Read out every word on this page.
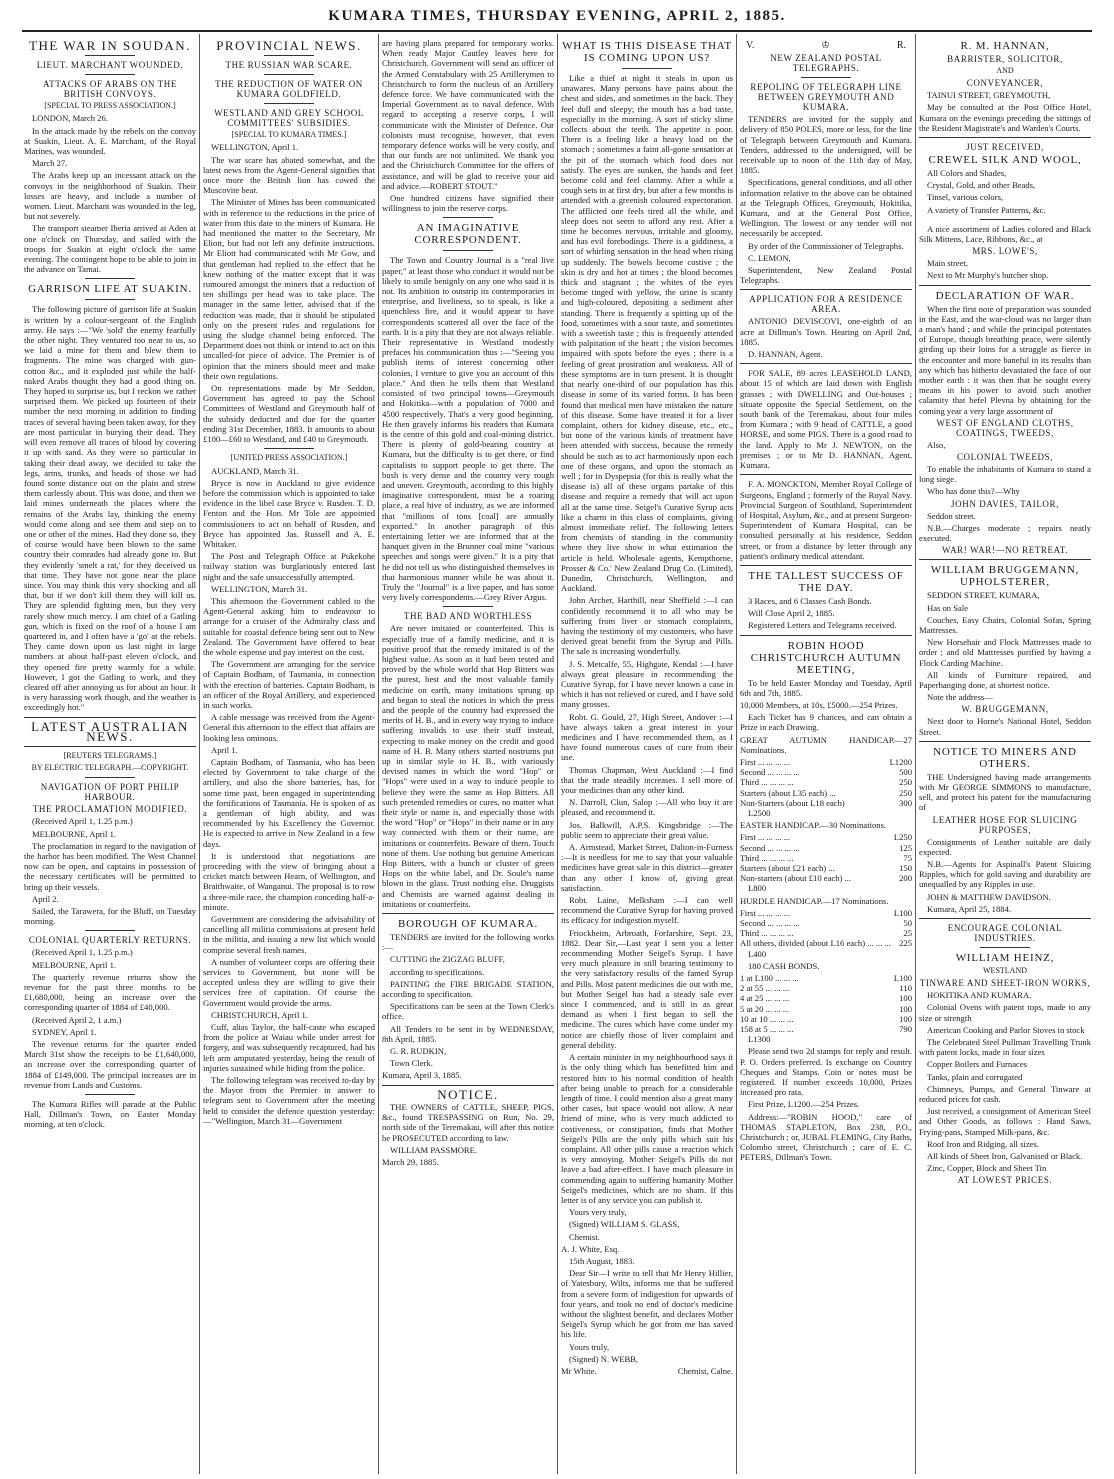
KUMARA TIMES, THURSDAY EVENING, APRIL 2, 1885.
THE WAR IN SOUDAN.
LIEUT. MARCHANT WOUNDED.
ATTACKS OF ARABS ON THE BRITISH CONVOYS.
[SPECIAL TO PRESS ASSOCIATION.]

LONDON, March 26.

In the attack made by the rebels on the convoy at Suakin, Lieut. A. E. Marchant, of the Royal Marines, was wounded.

March 27.

The Arabs keep up an incessant attack on the convoys in the neighborhood of Suakin. Their losses are heavy, and include a number of women. Lieut. Marchant was wounded in the leg, but not severely.

The transport steamer Iberia arrived at Aden at one o'clock on Thursday, and sailed with the troops for Suakin at eight o'clock the same evening. The contingent hope to be able to join in the advance on Tamai.

GARRISON LIFE AT SUAKIN.

The following picture of garrison life at Suakin is written by a colour-sergeant of the English army. He says :—"We 'sold' the enemy fearfully the other night. They ventured too near to us, so we laid a mine for them and blew them to fragments. The mine was charged with gun-cotton &c., and it exploded just while the half-naked Arabs thought they had a good thing on. They hoped to surprise us, but I reckon we rather surprised them. We picked up fourteen of their number the next morning in addition to finding traces of several having been taken away, for they are most particular in burying their dead. They will even remove all traces of blood by covering it up with sand. As they were so particular in taking their dead away, we decided to take the legs, arms, trunks, and heads of those we had found some distance out on the plain and strew them carlessly about. This was done, and then we laid mines underneath the places where the remains of the Arabs lay, thinking the enemy would come along and see them and step on to one or other of the mines. Had they done so, they of course would have been blown to the same country their comrades had already gone to. But they evidently 'smelt a rat,' for they deceived us that time. They have not gone near the place since. You may think this very shocking and all that, but if we don't kill them they will kill us. They are splendid fighting men, but they very rarely show much mercy. I am chief of a Gatling gun, which is fixed on the roof of a house I am quartered in, and I often have a 'go' at the rebels. They came down upon us last night in large numbers at about half-past eleven o'clock, and they opened fire pretty warmly for a while. However, I got the Gatling to work, and they cleared off after annoying us for about an hour. It is very harassing work though, and the weather is exceedingly hot."

LATEST AUSTRALIAN NEWS.
[REUTERS TELEGRAMS.]
BY ELECTRIC TELEGRAPH.—COPYRIGHT.
NAVIGATION OF PORT PHILIP HARBOUR.
THE PROCLAMATION MODIFIED.

(Received April 1, 1.25 p.m.)

MELBOURNE, April 1.

The proclamation in regard to the navigation of the harbor has been modified. The West Channel now can be open, and captains in possession of the necessary certificates will be permitted to bring up their vessels.

April 2.

Sailed, the Tarawera, for the Bluff, on Tuesday morning.

COLONIAL QUARTERLY RETURNS.

(Received April 1, 1.25 p.m.)

MELBOURNE, April 1.

The quarterly revenue returns show the revenue for the past three months to be £1,680,000, being an increase over the corresponding quarter of 1884 of £40,000.

(Received April 2, 1 a.m.)

SYDNEY, April 1.

The revenue returns for the quarter ended March 31st show the receipts to be £1,640,000, an increase over the corresponding quarter of 1884 of £149,000. The principal increases are in revenue from Lands and Customs.

The Kumara Rifles will parade at the Public Hall, Dillman's Town, on Easter Monday morning, at ten o'clock.

PROVINCIAL NEWS.
THE RUSSIAN WAR SCARE.
THE REDUCTION OF WATER ON KUMARA GOLDFIELD.
WESTLAND AND GREY SCHOOL COMMITTEES' SUBSIDIES.
[SPECIAL TO KUMARA TIMES.]

WELLINGTON, April 1.

The war scare has abated somewhat, and the latest news from the Agent-General signifies that once more the British lion has cowed the Muscovite bear.

The Minister of Mines has been communicated with in reference to the reductions in the price of water from this date to the miners of Kumara. He had mentioned the matter to the Secretary, Mr Eliott, but had not left any definite instructions. Mr Eliott had communicated with Mr Gow, and that gentleman had replied to the effect that he knew nothing of the matter except that it was rumoured amongst the miners that a reduction of ten shillings per head was to take place. The manager in the same letter, advised that if the reduction was made, that it should be stipulated only on the present rules and regulations for using the sludge channel being enforced. The Department does not think or intend to act on this uncalled-for piece of advice. The Premier is of opinion that the miners should meet and make their own regulations.

On representations made by Mr Seddon, Government has agreed to pay the School Committees of Westland and Greymouth half of the subsidy deducted and due for the quarter ending 31st December, 1883. It amounts to about £100—£60 to Westland, and £40 to Greymouth.

[UNITED PRESS ASSOCIATION.]

AUCKLAND, March 31.

Bryce is now in Auckland to give evidence before the commission which is appointed to take evidence in the libel case Bryce v. Rusden. T. D. Fenton and the Hon. Mr Tole are appointed commissioners to act on behalf of Rusden, and Bryce has appointed Jas. Russell and A. E. Whitaker.

The Post and Telegraph Office at Pukekohe railway station was burglariously entered last night and the safe unsuccessfully attempted.

WELLINGTON, March 31.

This afternoon the Government cabled to the Agent-General asking him to endeavour to arrange for a cruiser of the Admiralty class and suitable for coastal defence being sent out to New Zealand. The Government have offered to bear the whole expense and pay interest on the cost.

The Government are arranging for the service of Captain Bodham, of Tasmania, in connection with the erection of batteries. Captain Bodham, is an officer of the Royal Artillery, and experienced in such works.

A cable message was received from the Agent-General this afternoon to the effect that affairs are looking less ominous.

April 1.

Captain Bodham, of Tasmania, who has been elected by Government to take charge of the artillery, and also the shore batteries, has, for some time past, been engaged in superintending the fortifications of Tasmania. He is spoken of as a gentleman of high ability, and was recommended by his Excellency the Governor. He is expected to arrive in New Zealand in a few days.

It is understood that negotiations are proceeding with the view of bringing about a cricket match between Hearn, of Wellington, and Braithwaite, of Wanganui. The proposal is to row a three-mile race, the champion conceding half-a-minute.

Government are considering the advisability of cancelling all militia commissions at present held in the militia, and issuing a new list which would comprise several fresh names.

A number of volunteer corps are offering their services to Government, but none will be accepted unless they are willing to give their services free of capitation. Of course the Government would provide the arms.

CHRISTCHURCH, April 1.

Cuff, alias Taylor, the half-caste who escaped from the police at Waiau while under arrest for forgery, and was subsequently recaptured, had his left arm amputated yesterday, being the result of injuries sustained while hiding from the police.

The following telegram was received to-day by the Mayor from the Premier in answer to telegram sent to Government after the meeting held to consider the defence question yesterday:—"Wellington, March 31—Government

are having plans prepared for temporary works. When ready Major Cautley leaves here for Christchurch. Government will send an officer of the Armed Constabulary with 25 Artillerymen to Christchurch to form the nucleus of an Artillery defence force. We have communicated with the Imperial Government as to naval defence. With regard to accepting a reserve corps, I will communicate with the Minister of Defence. Our colonists must recognise, however, that even temporary defence works will be very costly, and that our funds are not unlimited. We thank you and the Christchurch Committee for the offers of assistance, and will be glad to receive your aid and advice.—ROBERT STOUT."

One hundred citizens have signified their willingness to join the reserve corps.

AN IMAGINATIVE CORRESPONDENT.

The Town and Country Journal is a "real live paper," at least those who conduct it would not be likely to smile benignly on any one who said it is not. Its ambition to outstrip its contemporaries in enterprise, and liveliness, so to speak, is like a quenchless fire, and it would appear to have correspondents scattered all over the face of the earth. It is a pity that they are not always reliable. Their representative in Westland modestly prefaces his communication thus :—"Seeing you publish items of interest concerning other colonies, I venture to give you an account of this place." And then he tells them that Westland consisted of two principal towns—Greymouth and Hokitika—with a population of 7000 and 4500 respectively. That's a very good beginning. He then gravely informs his readers that Kumara is the centre of this gold and coal-mining district. There is plenty of gold-bearing country at Kumara, but the difficulty is to get there, or find capitalists to support people to get there. The bush is very dense and the country very rough and uneven. Greymouth, according to this highly imaginative correspondent, must be a roaring place, a real hive of industry, as we are informed that "millions of tons [coal] are annually exported." In another paragraph of this entertaining letter we are informed that at the banquet given in the Brunner coal mine "various speeches and songs were given." It is a pity that he did not tell us who distinguished themselves in that harmonious manner while he was about it. Truly the "Journal" is a live paper, and has some very lively correspondents.—Grey River Argus.

THE BAD AND WORTHLESS

Are never imitated or counterfeited. This is especially true of a family medicine, and it is positive proof that the remedy imitated is of the highest value. As soon as it had been tested and proved by the whole world that Hop Bitters was the purest, best and the most valuable family medicine on earth, many imitations sprung up and began to steal the notices in which the press and the people of the country had expressed the merits of H. B., and in every way trying to induce suffering invalids to use their stuff instead, expecting to make money on the credit and good name of H. B. Many others started nostrums put up in similar style to H. B., with variously devised names in which the word "Hop" or "Hops" were used in a way to induce people to believe they were the same as Hop Bitters. All such pretended remedies or cures, no matter what their style or name is, and especially those with the word "Hop" or "Hops" in their name or in any way connected with them or their name, are imitations or counterfeits. Beware of them. Touch none of them. Use nothing but genuine American Hop Bitters, with a bunch or cluster of green Hops on the white label, and Dr. Soule's name blown in the glass. Trust nothing else. Druggists and Chemists are warned against dealing in imitations or counterfeits.

BOROUGH OF KUMARA.

TENDERS are invited for the following works :—

CUTTING the ZIGZAG BLUFF,

according to specifications.

PAINTING the FIRE BRIGADE STATION, according to specification.

Specifications can be seen at the Town Clerk's office.

All Tenders to be sent in by WEDNESDAY, 8th April, 1885.

G. R. RUDKIN,

Town Clerk.

Kumara, April 3, 1885.

NOTICE.

THE OWNERS of CATTLE, SHEEP, PIGS, &c., found TRESPASSING on Run, No. 29, north side of the Teremakau, will after this notice be PROSECUTED according to law.

WILLIAM PASSMORE.

March 29, 1885.

WHAT IS THIS DISEASE THAT IS COMING UPON US?

Like a thief at night it steals in upon us unawares. Many persons have pains about the chest and sides, and sometimes in the back. They feel dull and sleepy; the mouth has a bad taste, especially in the morning. A sort of sticky slime collects about the teeth. The appetite is poor. There is a feeling like a heavy load on the stomach ; sometimes a faint all-gone sensation at the pit of the stomach which food does not satisfy. The eyes are sunken, the hands and feet become cold and feel clammy. After a while a cough sets in at first dry, but after a few months is attended with a greenish coloured expectoration. The afflicted one feels tired all the while, and sleep does not seem to afford any rest. After a time he becomes nervous, irritable and gloomy, and has evil forebodings. There is a giddiness, a sort of whirling sensation in the head when rising up suddenly. The bowels become costive ; the skin is dry and hot at times ; the blood becomes thick and stagnant ; the whites of the eyes become tinged with yellow, the urine is scanty and high-coloured, depositing a sediment after standing. There is frequently a spitting up of the food, sometimes with a sour taste, and sometimes with a sweetish taste ; this is frequently attended with palpitation of the heart ; the vision becomes impaired with spots before the eyes ; there is a feeling of great prostration and weakness. All of these symptoms are in turn present. It is thought that nearly one-third of our population has this disease in some of its varied forms. It has been found that medical men have mistaken the nature of this disease. Some have treated it for a liver complaint, others for kidney disease, etc., etc., but none of the various kinds of treatment have been attended with success, because the remedy should be such as to act harmoniously upon each one of these organs, and upon the stomach as well ; for in Dyspepsia (for this is really what the disease is) all of these organs partake of this disease and require a remedy that will act upon all at the same time. Seigel's Curative Syrup acts like a charm in this class of complaints, giving almost immediate relief. The following letters from chemists of standing in the community where they live show in what estimation the article is held. Wholesale agents, Kempthorne, Prosser & Co.' New Zealand Drug Co. (Limited), Dunedin, Christchurch, Wellington, and Auckland.

John Archer, Harthill, near Sheffield :—I can confidently recommend it to all who may be suffering from liver or stomach complaints, having the testimony of my customers, who have derived great benefit from the Syrup and Pills. The sale is increasing wonderfully.

J. S. Metcalfe, 55, Highgate, Kendal :—I have always great pleasure in recommending the Curative Syrup, for I have never known a case in which it has not relieved or cured, and I have sold many grosses.

Robt. G. Gould, 27, High Street, Andover :—I have always taken a great interest in your medicines and I have recommended them, as I have found numerous cases of cure from their use.

Thomas Chapman, West Auckland :—I find that the trade steadily increases. I sell more of your medicines than any other kind.

N. Darroll, Clun, Salop :—All who buy it are pleased, and recommend it.

Jos. Balkwill, A.P.S. Kingsbridge :—The public seem to appreciate their great value.

A. Armstead, Market Street, Dalton-in-Furness :—It is needless for me to say that your valuable medicines have great sale in this district—greater than any other I know of, giving great satisfaction.

Robt. Laine, Melksham :—I can well recommend the Curative Syrup for having proved its efficacy for indigestion myself.

Friockheim, Arbroath, Forfarshire, Sept. 23, 1882. Dear Sir,—Last year I sent you a letter recommending Mother Seigel's Syrup. I have very much pleasure in still bearing testimony to the very satisfactory results of the famed Syrup and Pills. Most patent medicines die out with me, but Mother Seigel has had a steady sale ever since I commenced, and is still in as great demand as when I first began to sell the medicine. The cures which have come under my notice are chiefly those of liver complaint and general debility.

A certain minister in my neighbourhood says it is the only thing which has benefitted him and restored him to his normal condition of health after being unable to preach for a considerable length of time. I could mention also a great many other cases, but space would not allow. A near friend of mine, who is very much addicted to costiveness, or constipation, finds that Mother Seigel's Pills are the only pills which suit his complaint. All other pills cause a reaction which is very annoying. Mother Seigel's Pills do not leave a bad after-effect. I have much pleasure in commending again to suffering humanity Mother Seigel's medicines, which are no sham. If this letter is of any service you can publish it.

Yours very truly,

(Signed) WILLIAM S. GLASS,

Chemist.

A. J. White, Esq.

15th August, 1883.

Dear Sir—I write to tell that Mr Henry Hillier, of Yatesbury, Wilts, informs me that he suffered from a severe form of indigestion for upwards of four years, and took no end of doctor's medicine without the slightest benefit, and declares Mother Seigel's Syrup which he got from me has saved his life.

Yours truly,

(Signed) N. WEBB,

Mr White.	Chemist, Calne.
V.	♔	R.
NEW ZEALAND POSTAL TELEGRAPHS.
REPOLING OF TELEGRAPH LINE BETWEEN GREYMOUTH AND KUMARA.

TENDERS are invited for the supply and delivery of 850 POLES, more or less, for the line of Telegraph between Greymouth and Kumara. Tenders, addressed to the undersigned, will be receivable up to noon of the 11th day of May, 1885.

Specifications, general conditions, and all other information relative to the above can be obtained at the Telegraph Offices, Greymouth, Hokitika, Kumara, and at the General Post Office, Wellington. The lowest or any tender will not necessarily be accepted.

By order of the Commissioner of Telegraphs.

C. LEMON,

Superintendent, New Zealand Postal Telegraphs.

APPLICATION FOR A RESIDENCE AREA.

ANTONIO DEVISCOVI, one-eighth of an acre at Dillman's Town. Hearing on April 2nd, 1885.

D. HANNAN, Agent.

FOR SALE, 89 acres LEASEHOLD LAND, about 15 of which are laid down with English grasses ; with DWELLING and Out-houses ; situate opposite the Special Settlement, on the south bank of the Teremakau, about four miles from Kumara ; with 9 head of CATTLE, a good HORSE, and some PIGS. There is a good road to the land. Apply to Mr J. NEWTON, on the premises ; or to Mr D. HANNAN, Agent, Kumara.

F. A. MONCKTON, Member Royal College of Surgeons, England ; formerly of the Royal Navy. Provincial Surgeon of Southland, Superintendent of Hospital, Asylum, &c., and at present Surgeon-Superintendent of Kumara Hospital, can be consulted personally at his residence, Seddon street, or from a distance by letter through any patient's ordinary medical attendant.

THE TALLEST SUCCESS OF THE DAY.

3 Races, and 6 Classes Cash Bonds.

Will Close April 2, 1885.

Registered Letters and Telegrams received.

ROBIN HOOD CHRISTCHURCH AUTUMN MEETING,

To be held Easter Monday and Tuesday, April 6th and 7th, 1885.

10,000 Members, at 10s, £5000.—254 Prizes.

Each Ticket has 9 chances, and can obtain a Prize in each Drawing.

GREAT AUTUMN HANDICAP.—27 Nominations.

First ... ... ... ...	L1200
Second ... ... ... ...	500
Third ... ... ... ...	250
Starters (about L35 each) ...	250
Non-Starters (about L18 each)	300

L2500

EASTER HANDICAP.—30 Nominations.

First ... ... ... ...	L250
Second ... ... ... ...	125
Third ... ... ... ...	75
Starters (about £21 each) ...	150
Non-starters (about £10 each) ...	200

L800

HURDLE HANDICAP.—17 Nominations.

First ... ... ... ...	L100
Second ... ... ... ...	50
Third ... ... ... ...	25
All others, divided (about L16 each) ... ... ... 225

L400

180 CASH BONDS.

1 at L100 ... ... ...	L100
2 at 55 ... ... ...	110
4 at 25 ... ... ...	100
5 at 20 ... ... ...	100
10 at 10 ... ... ...	100
158 at 5 ... ... ...	790

L1300

Please send two 2d stamps for reply and result. P. O. Orders preferred. Is exchange on Country Cheques and Stamps. Coin or notes must be registered. If number exceeds 10,000, Prizes increased pro rata.

First Prize, L1200.—254 Prizes.

Address:—"ROBIN HOOD," care of THOMAS STAPLETON, Box 238, P.O., Christchurch ; or, JUBAL FLEMING, City Baths, Colombo street, Christchurch ; care of E. C. PETERS, Dillman's Town.

R. M. HANNAN,
BARRISTER, SOLICITOR,
AND
CONVEYANCER,

TAINUI STREET, GREYMOUTH,

May be consulted at the Post Office Hotel, Kumara on the evenings preceding the sittings of the Resident Magistrate's and Warden's Courts.

JUST RECEIVED,
CREWEL SILK AND WOOL,

All Colors and Shades,

Crystal, Gold, and other Beads,

Tinsel, various colors,

A variety of Transfer Patterns, &c.

A nice assortment of Ladies colored and Black Silk Mittens, Lace, Ribbons, &c., at

MRS. LOWE'S,

Main street,

Next to Mr Murphy's butcher shop.

DECLARATION OF WAR.

When the first note of preparation was sounded in the East, and the war-cloud was no larger than a man's hand ; and while the principal potentates of Europe, though breathing peace, were silently girding up their loins for a struggle as fierce in the encounter and more baneful in its results than any which has hitherto devastated the face of our mother earth : it was then that he sought every means in his power to avoid such another calamity that befel Plevna by obtaining for the coming year a very large assortment of

WEST OF ENGLAND CLOTHS, COATINGS, TWEEDS,

Also,

COLONIAL TWEEDS,

To enable the inhabitants of Kumara to stand a long siege.

Who has done this?—Why

JOHN DAVIES, TAILOR,

Seddon street.

N.B.—Charges moderate ; repairs neatly executed.

WAR! WAR!—NO RETREAT.
WILLIAM BRUGGEMANN, UPHOLSTERER,

SEDDON STREET, KUMARA,

Has on Sale

Couches, Easy Chairs, Colonial Sofas, Spring Mattresses.

New Horsehair and Flock Mattresses made to order ; and old Mattresses purified by having a Flock Carding Machine.

All kinds of Furniture repaired, and Paperhanging done, at shortest notice.

Note the address—

W. BRUGGEMANN,

Next door to Horne's National Hotel, Seddon Street.

NOTICE TO MINERS AND OTHERS.

THE Undersigned having made arrangements with Mr GEORGE SIMMONS to manufacture, sell, and protect his patent for the manufacturing of

LEATHER HOSE FOR SLUICING PURPOSES,

Consignments of Leather suitable are daily expected.

N.B.—Agents for Aspinall's Patent Sluicing Ripples, which for gold saving and durability are unequalled by any Ripples in use.

JOHN & MATTHEW DAVIDSON.

Kumara, April 25, 1884.

ENCOURAGE COLONIAL INDUSTRIES.
WILLIAM HEINZ,
WESTLAND
TINWARE AND SHEET-IRON WORKS,

HOKITIKA AND KUMARA.

Colonial Ovens with patent tops, made to any size or strength

American Cooking and Parlor Stoves in stock

The Celebrated Steel Pullman Travelling Trunk with patent locks, made in four sizes

Copper Boilers and Furnaces

Tanks, plain and corrugated

Chimneys, Pumps, and General Tinware at reduced prices for cash.

Just received, a consignment of American Steel and Other Goods, as follows : Hand Saws, Frying-pans, Stamped Milk-pans, &c.

Roof Iron and Ridging, all sizes.

All kinds of Sheet Iron, Galvanised or Black.

Zinc, Copper, Block and Sheet Tin

AT LOWEST PRICES.
